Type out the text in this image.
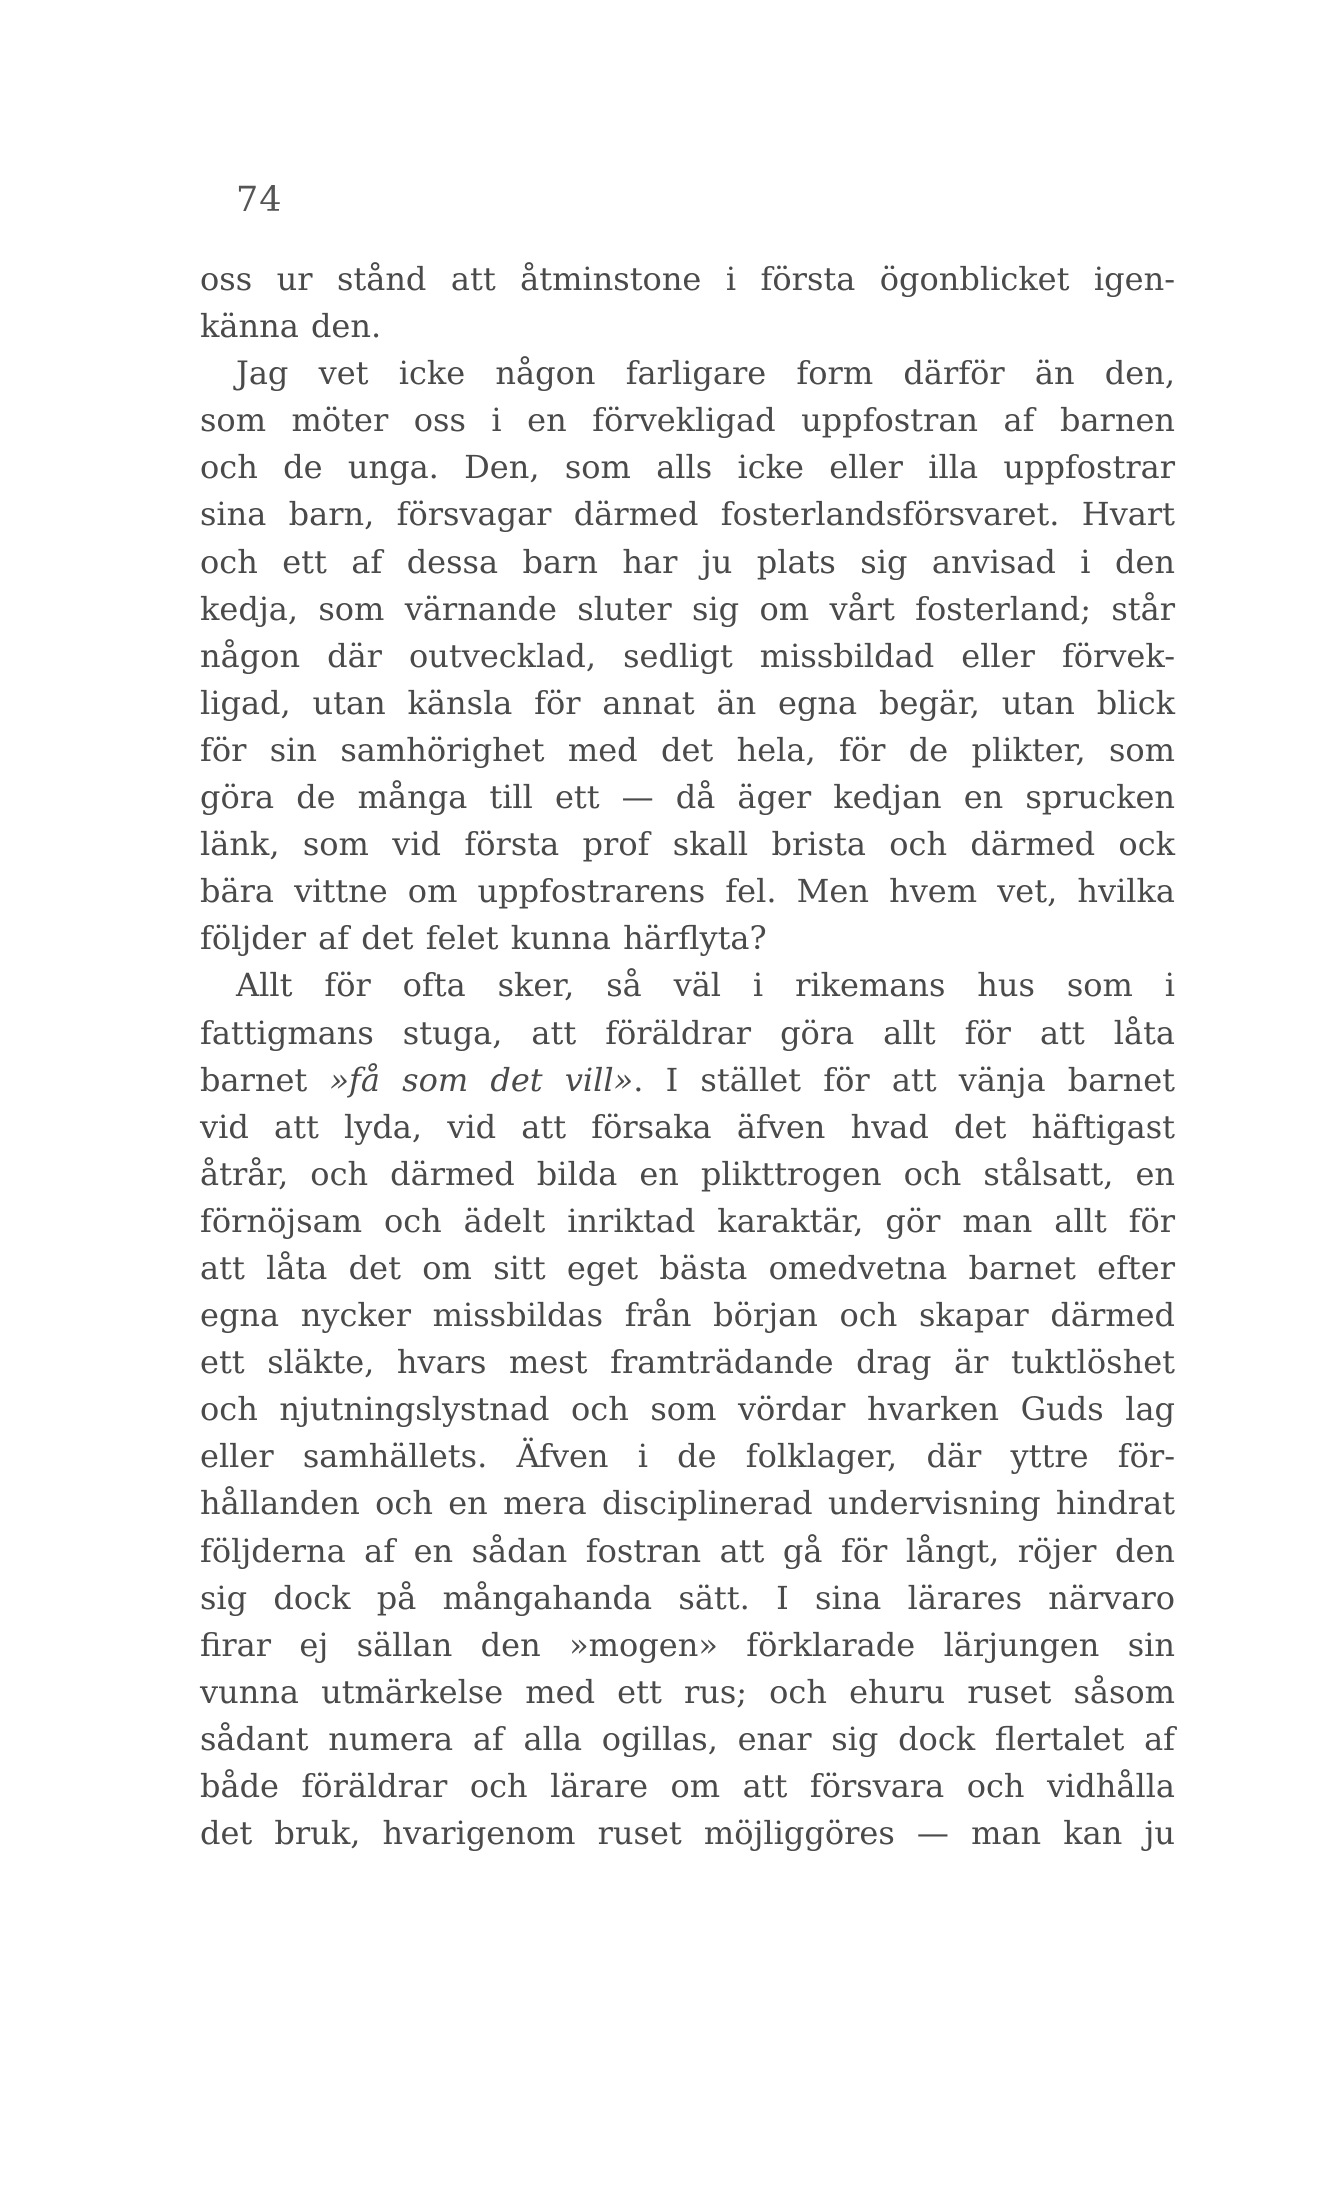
74
oss ur stånd att åtminstone i första ögonblicket igen-
känna den.
Jag vet icke någon farligare form därför än den,
som möter oss i en förvekligad uppfostran af barnen
och de unga. Den, som alls icke eller illa uppfostrar
sina barn, försvagar därmed fosterlandsförsvaret. Hvart
och ett af dessa barn har ju plats sig anvisad i den
kedja, som värnande sluter sig om vårt fosterland; står
någon där outvecklad, sedligt missbildad eller förvek-
ligad, utan känsla för annat än egna begär, utan blick
för sin samhörighet med det hela, för de plikter, som
göra de många till ett — då äger kedjan en sprucken
länk, som vid första prof skall brista och därmed ock
bära vittne om uppfostrarens fel. Men hvem vet, hvilka
följder af det felet kunna härflyta?
Allt för ofta sker, så väl i rikemans hus som i
fattigmans stuga, att föräldrar göra allt för att låta
barnet »få som det vill». I stället för att vänja barnet
vid att lyda, vid att försaka äfven hvad det häftigast
åtrår, och därmed bilda en plikttrogen och stålsatt, en
förnöjsam och ädelt inriktad karaktär, gör man allt för
att låta det om sitt eget bästa omedvetna barnet efter
egna nycker missbildas från början och skapar därmed
ett släkte, hvars mest framträdande drag är tuktlöshet
och njutningslystnad och som vördar hvarken Guds lag
eller samhällets. Äfven i de folklager, där yttre för-
hållanden och en mera disciplinerad undervisning hindrat
följderna af en sådan fostran att gå för långt, röjer den
sig dock på mångahanda sätt. I sina lärares närvaro
firar ej sällan den »mogen» förklarade lärjungen sin
vunna utmärkelse med ett rus; och ehuru ruset såsom
sådant numera af alla ogillas, enar sig dock flertalet af
både föräldrar och lärare om att försvara och vidhålla
det bruk, hvarigenom ruset möjliggöres — man kan ju
